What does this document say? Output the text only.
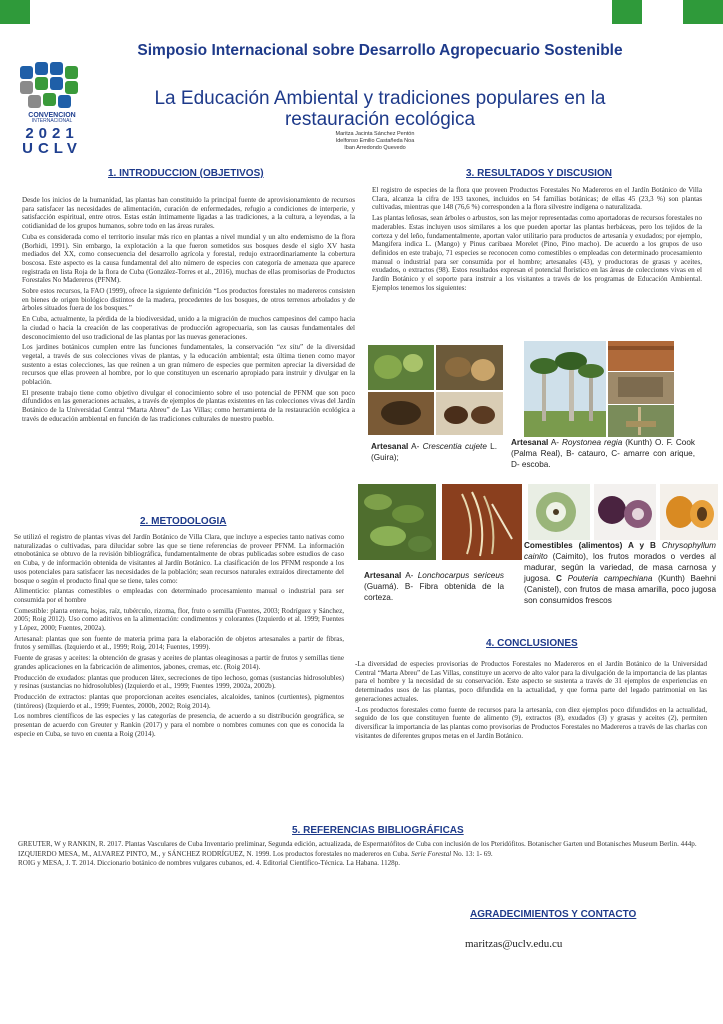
CONVENCION
INTERNACIONAL
2021
UCLV
Simposio Internacional sobre Desarrollo Agropecuario Sostenible
La Educación Ambiental y tradiciones populares en la restauración ecológica
Maritza Jacinta Sánchez Pentón
Idelfonso Emilio Castañeda Noa
Iban Arredondo Quevedo
1. INTRODUCCION (OBJETIVOS)

Desde los inicios de la humanidad, las plantas han constituido la principal fuente de aprovisionamiento de recursos para satisfacer las necesidades de alimentación, curación de enfermedades, refugio a condiciones de interperie, y satisfacción espiritual, entre otros. Estas están íntimamente ligadas a las tradiciones, a la cultura, a leyendas, a la cotidianidad de los grupos humanos, sobre todo en las áreas rurales.

Cuba es considerada como el territorio insular más rico en plantas a nivel mundial y un alto endemismo de la flora (Borhidi, 1991). Sin embargo, la explotación a la que fueron sometidos sus bosques desde el siglo XV hasta mediados del XX, como consecuencia del desarrollo agrícola y forestal, redujo extraordinariamente la cobertura boscosa. Este aspecto es la causa fundamental del alto número de especies con categoría de amenaza que aparece registrada en lista Roja de la flora de Cuba (González-Torres et al., 2016), muchas de ellas promisorias de Productos Forestales No Madereros (PFNM).

Sobre estos recursos, la FAO (1999), ofrece la siguiente definición “Los productos forestales no madereros consisten en bienes de origen biológico distintos de la madera, procedentes de los bosques, de otros terrenos arbolados y de árboles situados fuera de los bosques.”

En Cuba, actualmente, la pérdida de la biodiversidad, unido a la migración de muchos campesinos del campo hacia la ciudad o hacia la creación de las cooperativas de producción agropecuaria, son las causas fundamentales del desconocimiento del uso tradicional de las plantas por las nuevas generaciones.

Los jardines botánicos cumplen entre las funciones fundamentales, la conservación “ex situ” de la diversidad vegetal, a través de sus colecciones vivas de plantas, y la educación ambiental; esta última tienen como mayor sustento a estas colecciones, las que reúnen a un gran número de especies que permiten apreciar la diversidad de recursos que ellas proveen al hombre, por lo que constituyen un escenario apropiado para instruir y divulgar en la población.

El presente trabajo tiene como objetivo divulgar el conocimiento sobre el uso potencial de PFNM que son poco difundidos en las generaciones actuales, a través de ejemplos de plantas existentes en las colecciones vivas del Jardín Botánico de la Universidad Central “Marta Abreu” de Las Villas; como herramienta de la restauración ecológica a través de educación ambiental en función de las tradiciones culturales de nuestro pueblo.

2. METODOLOGIA

Se utilizó el registro de plantas vivas del Jardín Botánico de Villa Clara, que incluye a especies tanto nativas como naturalizadas o cultivadas, para dilucidar sobre las que se tiene referencias de proveer PFNM. La información etnobotánica se obtuvo de la revisión bibliográfica, fundamentalmente de obras publicadas sobre estudios de caso en Cuba, y de información obtenida de visitantes al Jardín Botánico. La clasificación de los PFNM responde a los usos potenciales para satisfacer las necesidades de la población; sean recursos naturales extraídos directamente del bosque o según el producto final que se tiene, tales como:

Alimenticio: plantas comestibles o empleadas con determinado procesamiento manual o industrial para ser consumida por el hombre

Comestible: planta entera, hojas, raíz, tubérculo, rizoma, flor, fruto o semilla (Fuentes, 2003; Rodríguez y Sánchez, 2005; Roig 2012). Uso como aditivos en la alimentación: condimentos y colorantes (Izquierdo et al. 1999; Fuentes y López, 2000; Fuentes, 2002a).

Artesanal: plantas que son fuente de materia prima para la elaboración de objetos artesanales a partir de fibras, frutos y semillas. (Izquierdo et al., 1999; Roig, 2014; Fuentes, 1999).

Fuente de grasas y aceites: la obtención de grasas y aceites de plantas oleaginosas a partir de frutos y semillas tiene grandes aplicaciones en la fabricación de alimentos, jabones, cremas, etc. (Roig 2014).

Producción de exudados: plantas que producen látex, secreciones de tipo lechoso, gomas (sustancias hidrosolubles) y resinas (sustancias no hidrosolubles) (Izquierdo et al., 1999; Fuentes 1999, 2002a, 2002b).

Producción de extractos: plantas que proporcionan aceites esenciales, alcaloides, taninos (curtientes), pigmentos (tintóreos) (Izquierdo et al., 1999; Fuentes, 2000b, 2002; Roig 2014).

Los nombres científicos de las especies y las categorías de presencia, de acuerdo a su distribución geográfica, se presentan de acuerdo con Greuter y Rankin (2017) y para el nombre o nombres comunes con que es conocida la especie en Cuba, se tuvo en cuenta a Roig (2014).

3. RESULTADOS Y DISCUSION

El registro de especies de la flora que proveen Productos Forestales No Madereros en el Jardín Botánico de Villa Clara, alcanza la cifra de 193 taxones, incluidos en 54 familias botánicas; de ellas 45 (23,3 %) son plantas cultivadas, mientras que 148 (76,6 %) corresponden a la flora silvestre indígena o naturalizada.

Las plantas leñosas, sean árboles o arbustos, son las mejor representadas como aportadoras de recursos forestales no maderables. Estas incluyen usos similares a los que pueden aportar las plantas herbáceas, pero los tejidos de la corteza y del leño, fundamentalmente, aportan valor utilitario para productos de artesanía y exudados; por ejemplo, Mangifera indica L. (Mango) y Pinus caribaea Morelet (Pino, Pino macho). De acuerdo a los grupos de uso definidos en este trabajo, 71 especies se reconocen como comestibles o empleadas con determinado procesamiento manual o industrial para ser consumida por el hombre; artesanales (43), y productoras de grasas y aceites, exudados, o extractos (98). Estos resultados expresan el potencial florístico en las áreas de colecciones vivas en el Jardín Botánico y el soporte para instruir a los visitantes a través de los programas de Educación Ambiental. Ejemplos tenemos los siguientes:

Artesanal A- Crescentia cujete L. (Guira);
Artesanal A- Roystonea regia (Kunth) O. F. Cook (Palma Real), B- catauro, C- amarre con arique, D- escoba.
Artesanal A- Lonchocarpus sericeus (Guamá). B- Fibra obtenida de la corteza.
Comestibles (alimentos) A y B Chrysophyllum cainito (Caimito), los frutos morados o verdes al madurar, según la variedad, de masa carnosa y jugosa. C Pouteria campechiana (Kunth) Baehni (Canistel), con frutos de masa amarilla, poco jugosa son consumidos frescos
4. CONCLUSIONES

-La diversidad de especies provisorias de Productos Forestales no Madereros en el Jardín Botánico de la Universidad Central “Marta Abreu” de Las Villas, constituye un acervo de alto valor para la divulgación de la importancia de las plantas para el hombre y la necesidad de su conservación. Este aspecto se sustenta a través de 31 ejemplos de experiencias en determinados usos de las plantas, poco difundida en la actualidad, y que forma parte del legado patrimonial en las generaciones actuales.

-Los productos forestales como fuente de recursos para la artesanía, con diez ejemplos poco difundidos en la actualidad, seguido de los que constituyen fuente de alimento (9), extractos (8), exudados (3) y grasas y aceites (2), permiten diversificar la importancia de las plantas como provisorias de Productos Forestales no Madereros a través de las charlas con visitantes de diferentes grupos metas en el Jardín Botánico.

5. REFERENCIAS BIBLIOGRÁFICAS
GREUTER, W y RANKIN, R. 2017. Plantas Vasculares de Cuba Inventario preliminar, Segunda edición, actualizada, de Espermatófitos de Cuba con inclusión de los Pteridófitos. Botanischer Garten und Botanisches Museum Berlin. 444p.
IZQUIERDO MESA, M., ALVAREZ PINTO, M., y SÁNCHEZ RODRÍGUEZ, N. 1999. Los productos forestales no madereros en Cuba. Serie Forestal No. 13: 1- 69.
ROIG y MESA, J. T. 2014. Diccionario botánico de nombres vulgares cubanos, ed. 4. Editorial Científico-Técnica. La Habana. 1128p.
AGRADECIMIENTOS Y CONTACTO
maritzas@uclv.edu.cu
